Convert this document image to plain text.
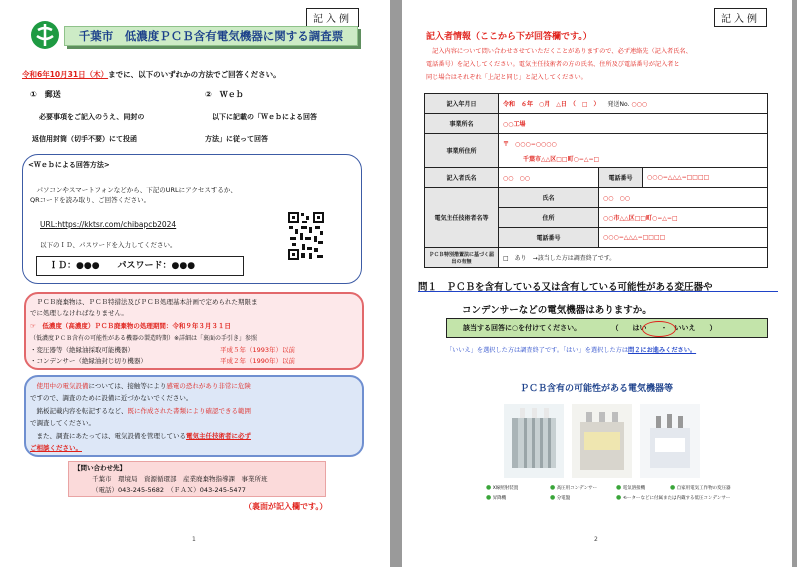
記入例
千葉市　低濃度ＰＣＢ含有電気機器に関する調査票
令和6年10月31日（木）までに、以下のいずれかの方法でご回答ください。
①　郵送	②　Ｗｅｂ
　必要事項をご記入のうえ、同封の
返信用封筒（切手不要）にて投函
　以下に記載の「Ｗｅｂによる回答
方法」に従って回答
<Ｗｅｂによる回答方法>
　パソコンやスマートフォンなどから、下記のURLにアクセスするか、
QRコードを読み取り、ご回答ください。
URL:https://kktsr.com/chibapcb2024
以下のＩＤ、パスワードを入力してください。
ＩＤ：●●●　　パスワード：●●●
　ＰＣＢ廃棄物は、ＰＣＢ特措法及びＰＣＢ処理基本計画で定められた期限ま
でに処理しなければなりません。
☞　低濃度（高濃度）ＰＣＢ廃棄物の処理期間：令和９年３月３１日
（低濃度ＰＣＢ含有の可能性がある機器の製造時期）※詳細は「裏面の手引き」参照
・変圧器等（絶縁油採取可能機器）	平成５年（1993年）以前
・コンデンサー（絶縁油封じ切り機器）	平成２年（1990年）以前
　使用中の電気設備については、接触等により感電の恐れがあり非常に危険
ですので、調査のために設備に近づかないでください。
　銘板記載内容を転記するなど、既に作成された書類により確認できる範囲
で調査してください。
　また、調査にあたっては、電気設備を管理している電気主任技術者に必ず
ご相談ください。
【問い合わせ先】
千葉市　環境局　資源循環部　産業廃棄物指導課　事業所班
（電話）043-245-5682　（ＦＡＸ）043-245-5477
（裏面が記入欄です。）
1
記入例
記入者情報（ここから下が回答欄です。）
　記入内容について問い合わせさせていただくことがありますので、必ず連絡先（記入者氏名、
電話番号）を記入してください。電気主任技術者の方の氏名、住所及び電話番号が記入者と
同じ場合はそれぞれ「上記と同じ」と記入してください。
記入年月日	令和　６年　○月　△日　（　□　） 発送No. ○○○		
事業所名	○○工場		
事業所住所	〒　○○○−○○○○
千葉市△△区□□町○−△−□		

記入者氏名	○○　○○	電話番号	○○○−△△△−□□□□
電気主任技術者名等	氏名	○○　○○	
	住所	○○市△△区□□町○−△−□	
	電話番号	○○○−△△△−□□□□	
ＰＣＢ特別措置法に基づく届出の有無	□　あり　→該当した方は調査終了です。		
問１　ＰＣＢを含有している又は含有している可能性がある変圧器や
コンデンサーなどの電気機器はありますか。
該当する回答に○を付けてください。	（　　はい　　・　いいえ　　）
「いいえ」を選択した方は調査終了です。「はい」を選択した方は問２にお進みください。
ＰＣＢ含有の可能性がある電気機器等
● X線照射装置	● 高圧用コンデンサー	● 電気溶接機	● 自家用電気工作物の変圧器
● 昇降機	● 分電盤	● モーターなどに付属または内蔵する低圧コンデンサー
2
